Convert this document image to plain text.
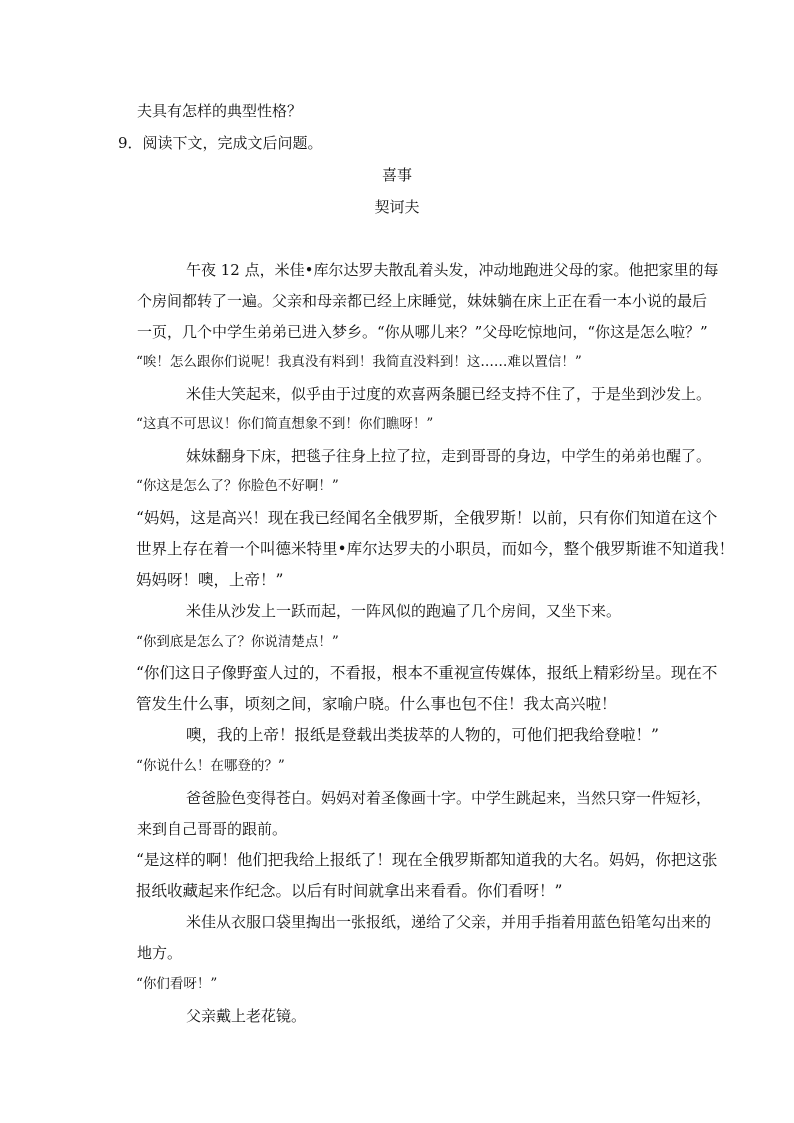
夫具有怎样的典型性格？
9．阅读下文，完成文后问题。
喜事
契诃夫
午夜 12 点，米佳•库尔达罗夫散乱着头发，冲动地跑进父母的家。他把家里的每
个房间都转了一遍。父亲和母亲都已经上床睡觉，妹妹躺在床上正在看一本小说的最后
一页，几个中学生弟弟已进入梦乡。“你从哪儿来？”父母吃惊地问，“你这是怎么啦？”
“唉！怎么跟你们说呢！我真没有料到！我简直没料到！这……难以置信！”
米佳大笑起来，似乎由于过度的欢喜两条腿已经支持不住了，于是坐到沙发上。
“这真不可思议！你们简直想象不到！你们瞧呀！”
妹妹翻身下床，把毯子往身上拉了拉，走到哥哥的身边，中学生的弟弟也醒了。
“你这是怎么了？你脸色不好啊！”
“妈妈，这是高兴！现在我已经闻名全俄罗斯，全俄罗斯！以前，只有你们知道在这个
世界上存在着一个叫德米特里•库尔达罗夫的小职员，而如今，整个俄罗斯谁不知道我！
妈妈呀！噢，上帝！”
米佳从沙发上一跃而起，一阵风似的跑遍了几个房间，又坐下来。
“你到底是怎么了？你说清楚点！”
“你们这日子像野蛮人过的，不看报，根本不重视宣传媒体，报纸上精彩纷呈。现在不
管发生什么事，顷刻之间，家喻户晓。什么事也包不住！我太高兴啦！
噢，我的上帝！报纸是登载出类拔萃的人物的，可他们把我给登啦！”
“你说什么！在哪登的？”
爸爸脸色变得苍白。妈妈对着圣像画十字。中学生跳起来，当然只穿一件短衫，
来到自己哥哥的跟前。
“是这样的啊！他们把我给上报纸了！现在全俄罗斯都知道我的大名。妈妈，你把这张
报纸收藏起来作纪念。以后有时间就拿出来看看。你们看呀！”
米佳从衣服口袋里掏出一张报纸，递给了父亲，并用手指着用蓝色铅笔勾出来的
地方。
“你们看呀！”
父亲戴上老花镜。
